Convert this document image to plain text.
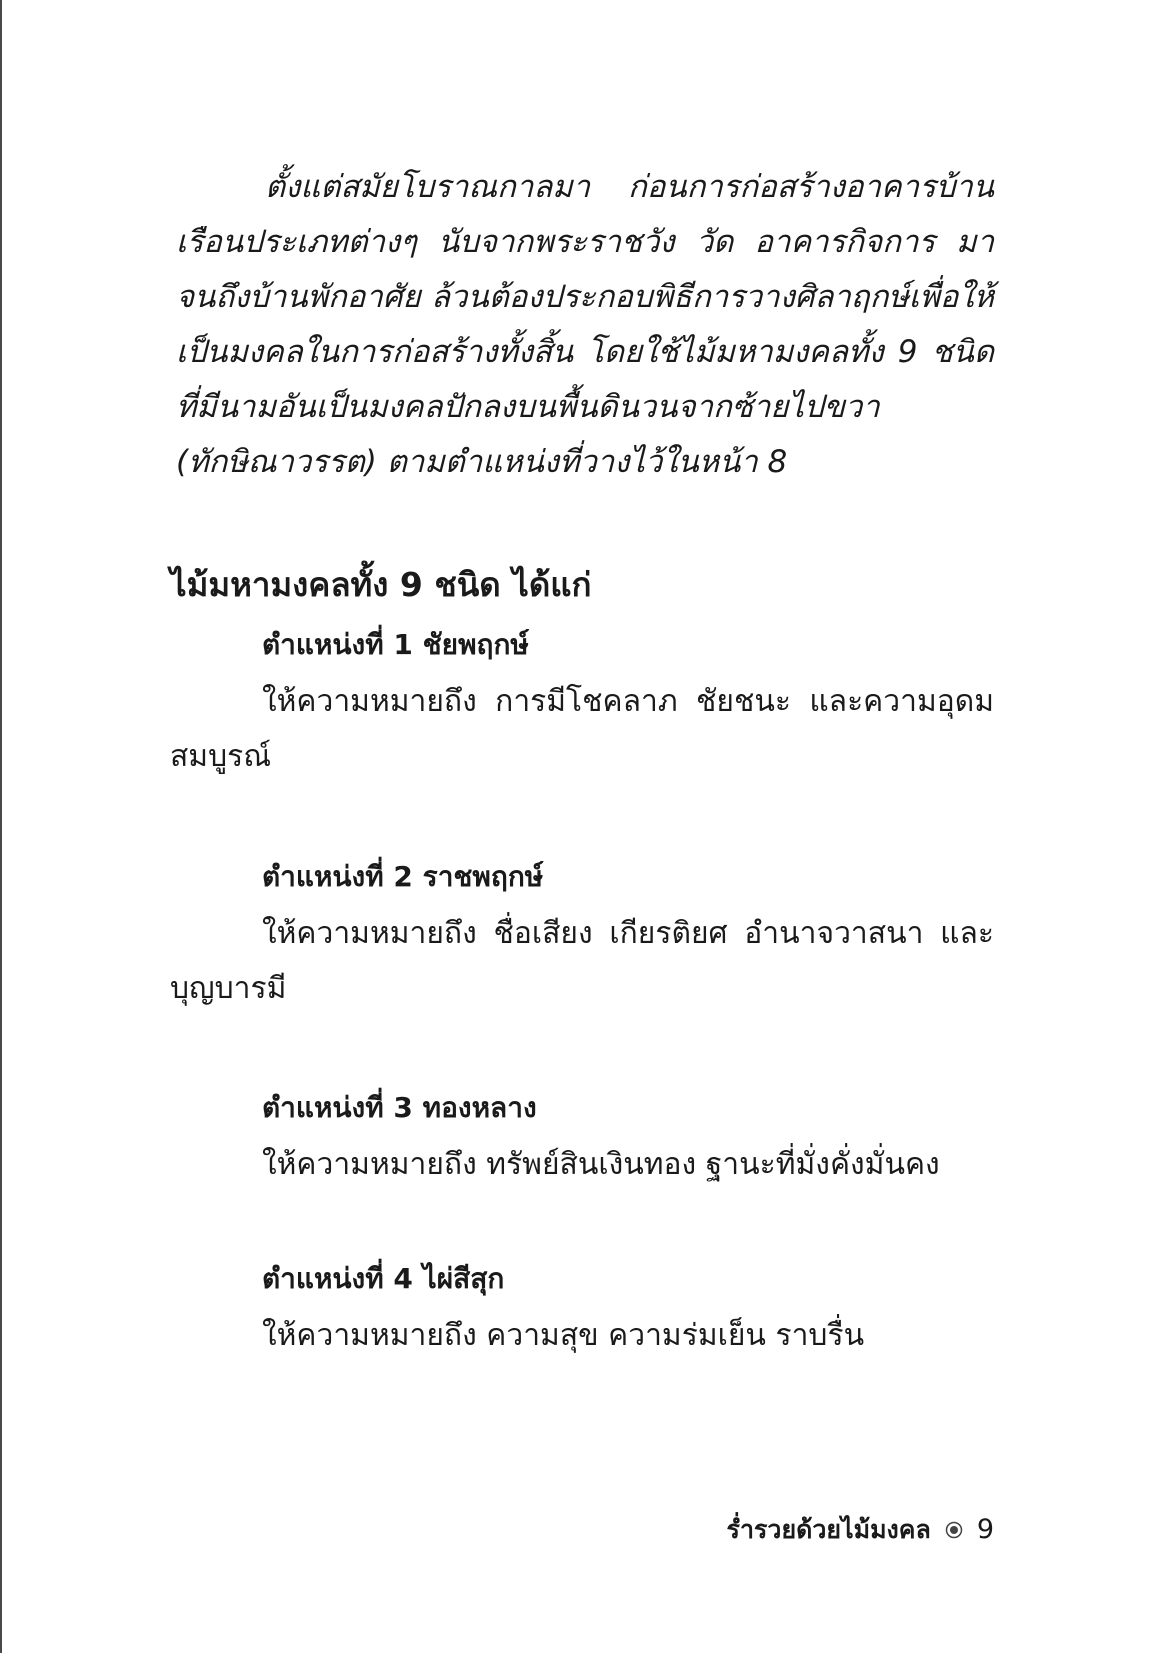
ตั้งแต่สมัยโบราณกาลมา ก่อนการก่อสร้างอาคารบ้านเรือนประเภทต่างๆ นับจากพระราชวัง วัด อาคารกิจการ มาจนถึงบ้านพักอาศัย ล้วนต้องประกอบพิธีการวางศิลาฤกษ์เพื่อให้เป็นมงคลในการก่อสร้างทั้งสิ้น โดยใช้ไม้มหามงคลทั้ง 9 ชนิด ที่มีนามอันเป็นมงคลปักลงบนพื้นดินวนจากซ้ายไปขวา (ทักษิณาวรรต) ตามตำแหน่งที่วางไว้ในหน้า 8

ไม้มหามงคลทั้ง 9 ชนิด ได้แก่
ตำแหน่งที่ 1 ชัยพฤกษ์

ให้ความหมายถึง การมีโชคลาภ ชัยชนะ และความอุดมสมบูรณ์

ตำแหน่งที่ 2 ราชพฤกษ์

ให้ความหมายถึง ชื่อเสียง เกียรติยศ อำนาจวาสนา และบุญบารมี

ตำแหน่งที่ 3 ทองหลาง

ให้ความหมายถึง ทรัพย์สินเงินทอง ฐานะที่มั่งคั่งมั่นคง

ตำแหน่งที่ 4 ไผ่สีสุก

ให้ความหมายถึง ความสุข ความร่มเย็น ราบรื่น

ร่ำรวยด้วยไม้มงคล 9
